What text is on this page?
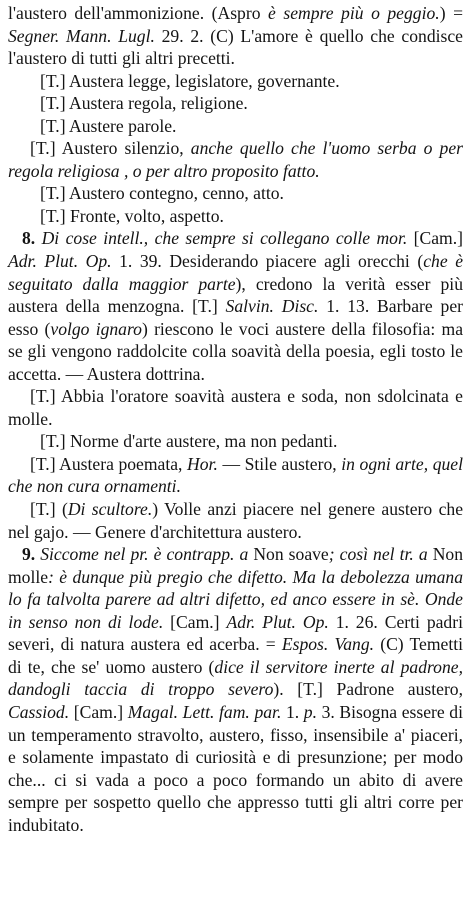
l'austero dell'ammonizione. (Aspro è sempre più o peggio.) = Segner. Mann. Lugl. 29. 2. (C) L'amore è quello che condisce l'austero di tutti gli altri precetti.

[T.] Austera legge, legislatore, governante.

[T.] Austera regola, religione.

[T.] Austere parole.

[T.] Austero silenzio, anche quello che l'uomo serba o per regola religiosa , o per altro proposito fatto.

[T.] Austero contegno, cenno, atto.

[T.] Fronte, volto, aspetto.

8. Di cose intell., che sempre si collegano colle mor. [Cam.] Adr. Plut. Op. 1. 39. Desiderando piacere agli orecchi (che è seguitato dalla maggior parte), credono la verità esser più austera della menzogna. [T.] Salvin. Disc. 1. 13. Barbare per esso (volgo ignaro) riescono le voci austere della filosofia: ma se gli vengono raddolcite colla soavità della poesia, egli tosto le accetta. — Austera dottrina.

[T.] Abbia l'oratore soavità austera e soda, non sdolcinata e molle.

[T.] Norme d'arte austere, ma non pedanti.

[T.] Austera poemata, Hor. — Stile austero, in ogni arte, quel che non cura ornamenti.

[T.] (Di scultore.) Volle anzi piacere nel genere austero che nel gajo. — Genere d'architettura austero.

9. Siccome nel pr. è contrapp. a Non soave; così nel tr. a Non molle: è dunque più pregio che difetto. Ma la debolezza umana lo fa talvolta parere ad altri difetto, ed anco essere in sè. Onde in senso non di lode. [Cam.] Adr. Plut. Op. 1. 26. Certi padri severi, di natura austera ed acerba. = Espos. Vang. (C) Temetti di te, che se' uomo austero (dice il servitore inerte al padrone, dandogli taccia di troppo severo). [T.] Padrone austero, Cassiod. [Cam.] Magal. Lett. fam. par. 1. p. 3. Bisogna essere di un temperamento stravolto, austero, fisso, insensibile a' piaceri, e solamente impastato di curiosità e di presunzione; per modo che... ci si vada a poco a poco formando un abito di avere sempre per sospetto quello che appresso tutti gli altri corre per indubitato.
